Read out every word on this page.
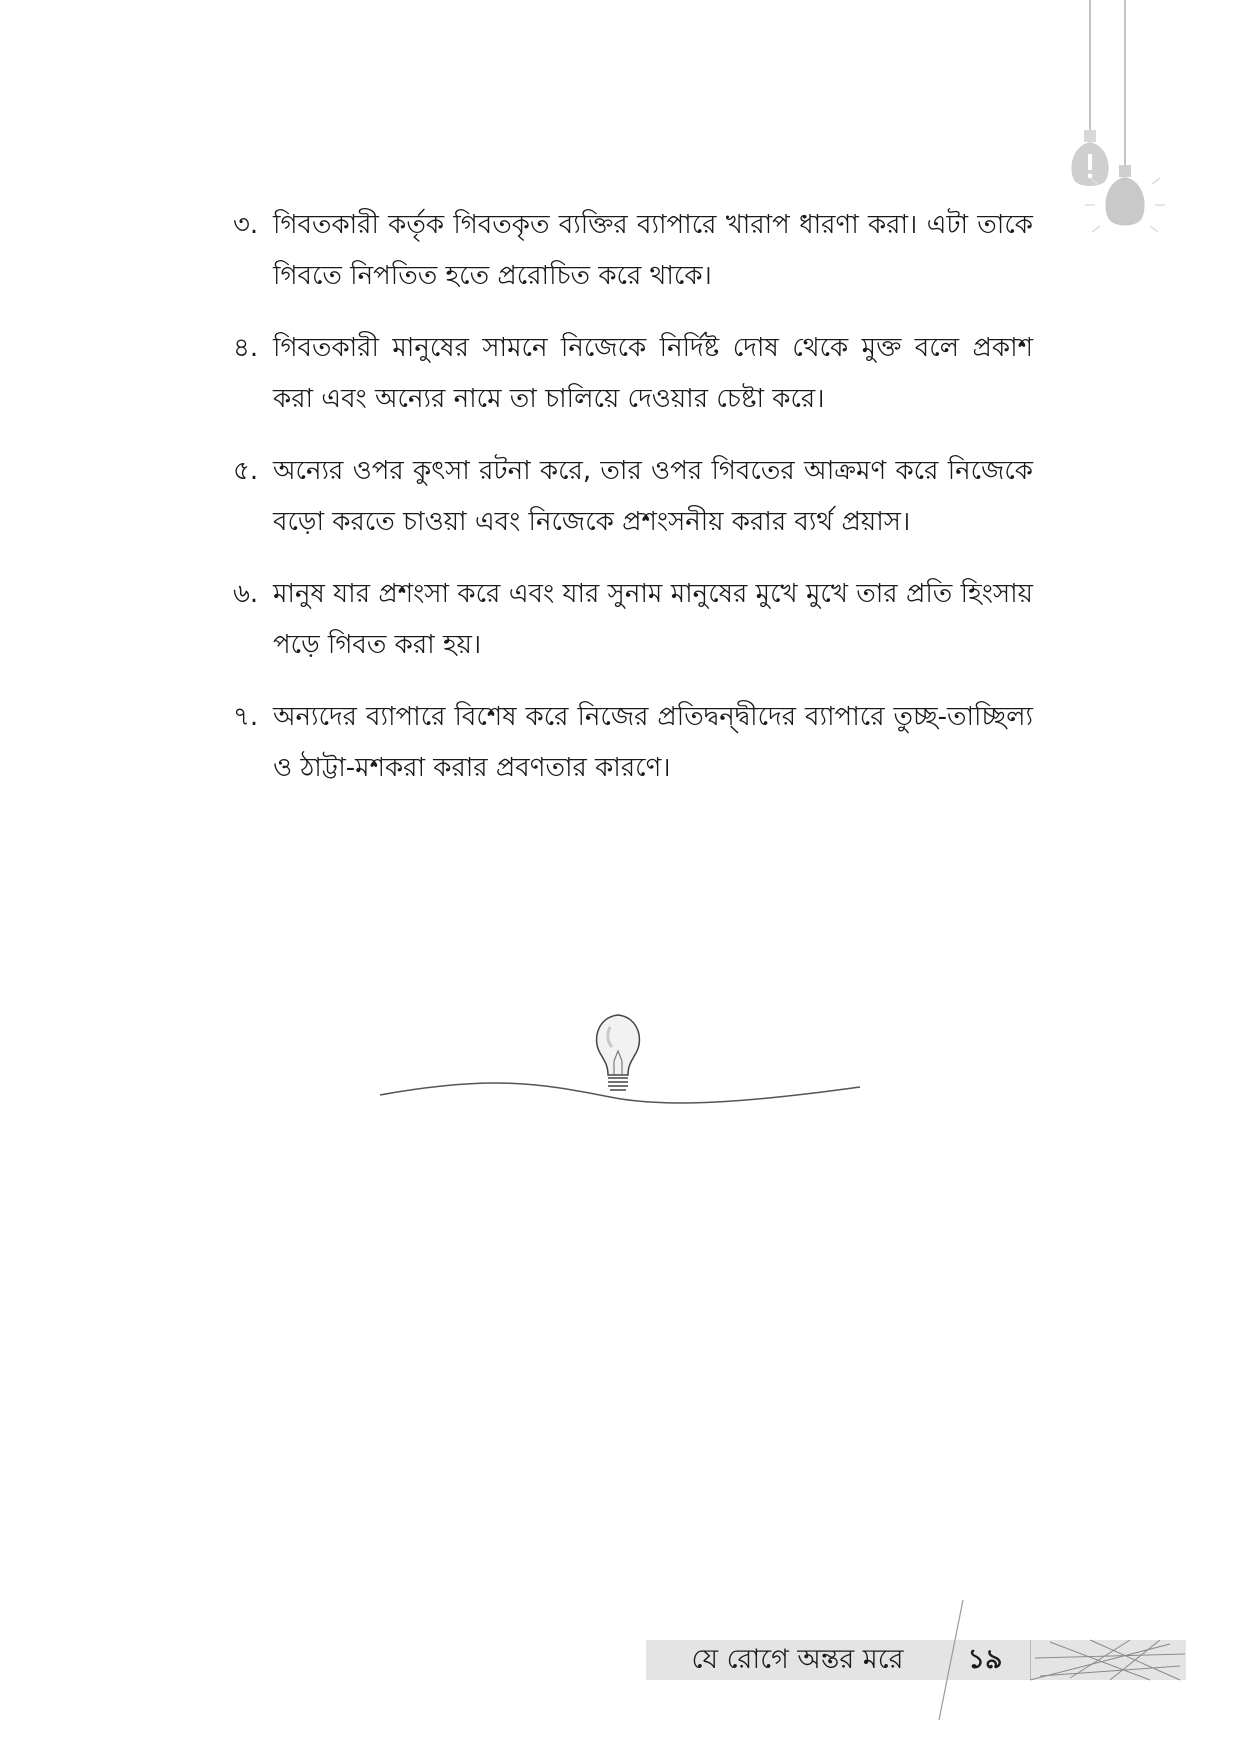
৩. গিবতকারী কর্তৃক গিবতকৃত ব্যক্তির ব্যাপারে খারাপ ধারণা করা। এটা তাকে গিবতে নিপতিত হতে প্ররোচিত করে থাকে।
৪. গিবতকারী মানুষের সামনে নিজেকে নির্দিষ্ট দোষ থেকে মুক্ত বলে প্রকাশ করা এবং অন্যের নামে তা চালিয়ে দেওয়ার চেষ্টা করে।
৫. অন্যের ওপর কুৎসা রটনা করে, তার ওপর গিবতের আক্রমণ করে নিজেকে বড়ো করতে চাওয়া এবং নিজেকে প্রশংসনীয় করার ব্যর্থ প্রয়াস।
৬. মানুষ যার প্রশংসা করে এবং যার সুনাম মানুষের মুখে মুখে তার প্রতি হিংসায় পড়ে গিবত করা হয়।
৭. অন্যদের ব্যাপারে বিশেষ করে নিজের প্রতিদ্বন্দ্বীদের ব্যাপারে তুচ্ছ-তাচ্ছিল্য ও ঠাট্টা-মশকরা করার প্রবণতার কারণে।
যে রোগে অন্তর মরে	১৯
